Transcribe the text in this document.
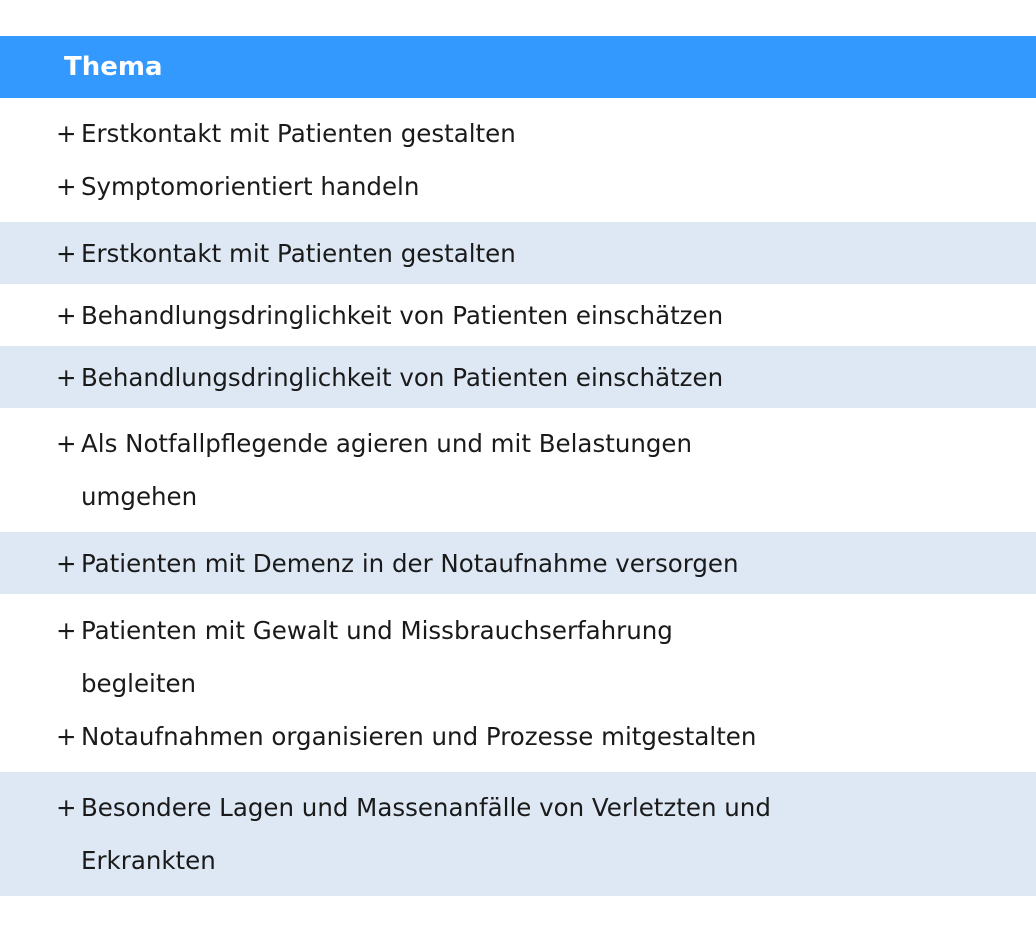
Thema
+ Erstkontakt mit Patienten gestalten
+ Symptomorientiert handeln
+ Erstkontakt mit Patienten gestalten
+ Behandlungsdringlichkeit von Patienten einschätzen
+ Behandlungsdringlichkeit von Patienten einschätzen
+ Als Notfallpflegende agieren und mit Belastungen
umgehen
+ Patienten mit Demenz in der Notaufnahme versorgen
+ Patienten mit Gewalt und Missbrauchserfahrung
begleiten
+ Notaufnahmen organisieren und Prozesse mitgestalten
+ Besondere Lagen und Massenanfälle von Verletzten und
Erkrankten
